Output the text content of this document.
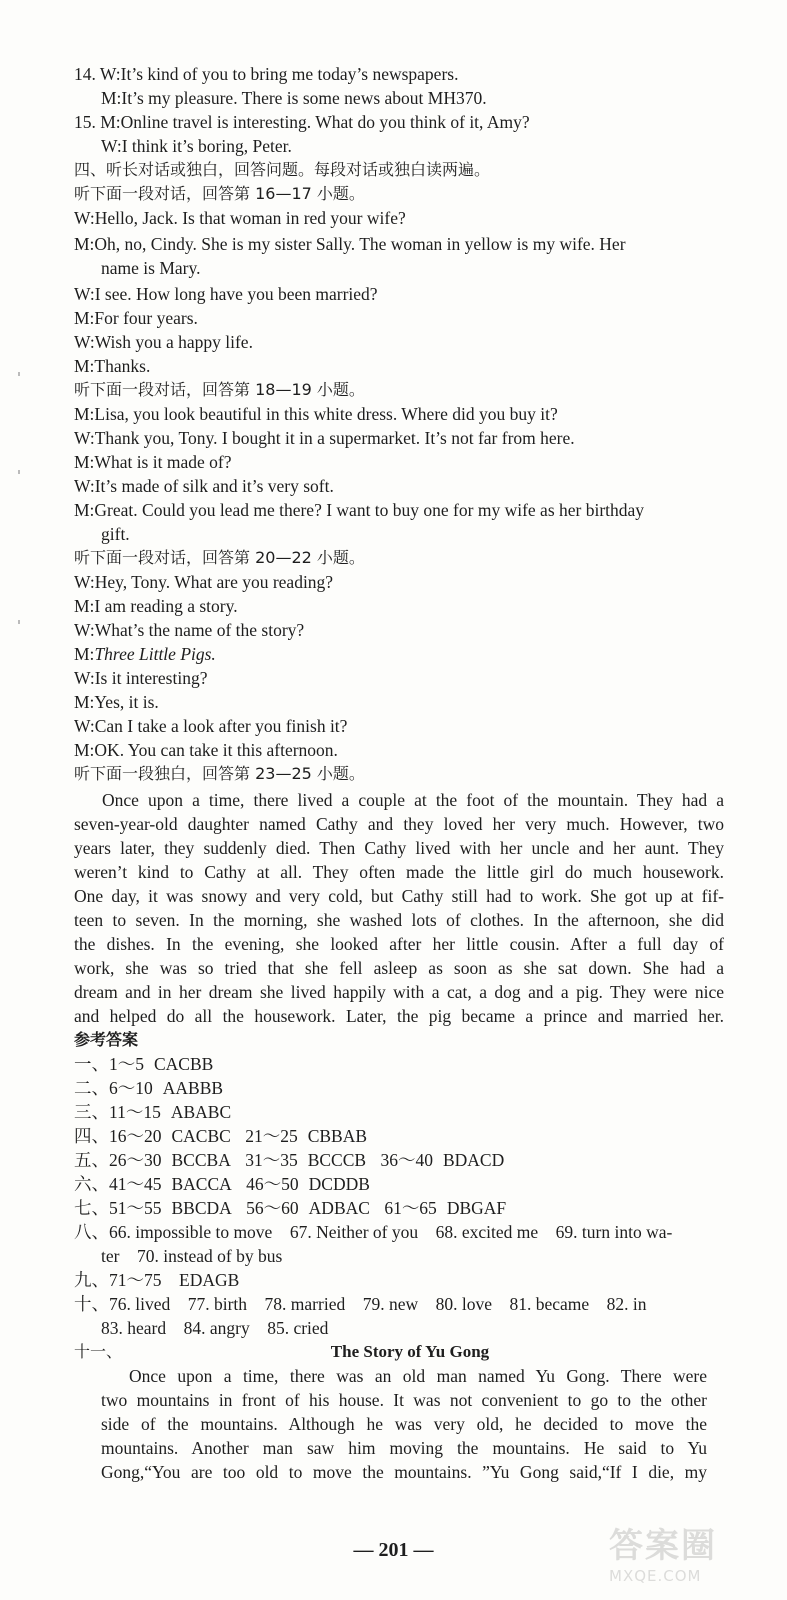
14. W:It’s kind of you to bring me today’s newspapers.
M:It’s my pleasure. There is some news about MH370.
15. M:Online travel is interesting. What do you think of it, Amy?
W:I think it’s boring, Peter.
四、听长对话或独白，回答问题。每段对话或独白读两遍。
听下面一段对话，回答第 16—17 小题。
W:Hello, Jack. Is that woman in red your wife?
M:Oh, no, Cindy. She is my sister Sally. The woman in yellow is my wife. Her
name is Mary.
W:I see. How long have you been married?
M:For four years.
W:Wish you a happy life.
M:Thanks.
听下面一段对话，回答第 18—19 小题。
M:Lisa, you look beautiful in this white dress. Where did you buy it?
W:Thank you, Tony. I bought it in a supermarket. It’s not far from here.
M:What is it made of?
W:It’s made of silk and it’s very soft.
M:Great. Could you lead me there? I want to buy one for my wife as her birthday
gift.
听下面一段对话，回答第 20—22 小题。
W:Hey, Tony. What are you reading?
M:I am reading a story.
W:What’s the name of the story?
M:Three Little Pigs.
W:Is it interesting?
M:Yes, it is.
W:Can I take a look after you finish it?
M:OK. You can take it this afternoon.
听下面一段独白，回答第 23—25 小题。
Once upon a time, there lived a couple at the foot of the mountain. They had a
seven-year-old daughter named Cathy and they loved her very much. However, two
years later, they suddenly died. Then Cathy lived with her uncle and her aunt. They
weren’t kind to Cathy at all. They often made the little girl do much housework.
One day, it was snowy and very cold, but Cathy still had to work. She got up at fif-
teen to seven. In the morning, she washed lots of clothes. In the afternoon, she did
the dishes. In the evening, she looked after her little cousin. After a full day of
work, she was so tried that she fell asleep as soon as she sat down. She had a
dream and in her dream she lived happily with a cat, a dog and a pig. They were nice
and helped do all the housework. Later, the pig became a prince and married her.
参考答案
一、1～5 CACBB
二、6～10 AABBB
三、11～15 ABABC
四、16～20 CACBC 21～25 CBBAB
五、26～30 BCCBA 31～35 BCCCB 36～40 BDACD
六、41～45 BACCA 46～50 DCDDB
七、51～55 BBCDA 56～60 ADBAC 61～65 DBGAF
八、66. impossible to move    67. Neither of you    68. excited me    69. turn into wa-
ter    70. instead of by bus
九、71～75    EDAGB
十、76. lived    77. birth    78. married    79. new    80. love    81. became    82. in
83. heard    84. angry    85. cried
十一、	The Story of Yu Gong
Once upon a time, there was an old man named Yu Gong. There were
two mountains in front of his house. It was not convenient to go to the other
side of the mountains. Although he was very old, he decided to move the
mountains. Another man saw him moving the mountains. He said to Yu
Gong,“You are too old to move the mountains. ”Yu Gong said,“If I die, my
— 201 —	答案圈
MXQE.COM
